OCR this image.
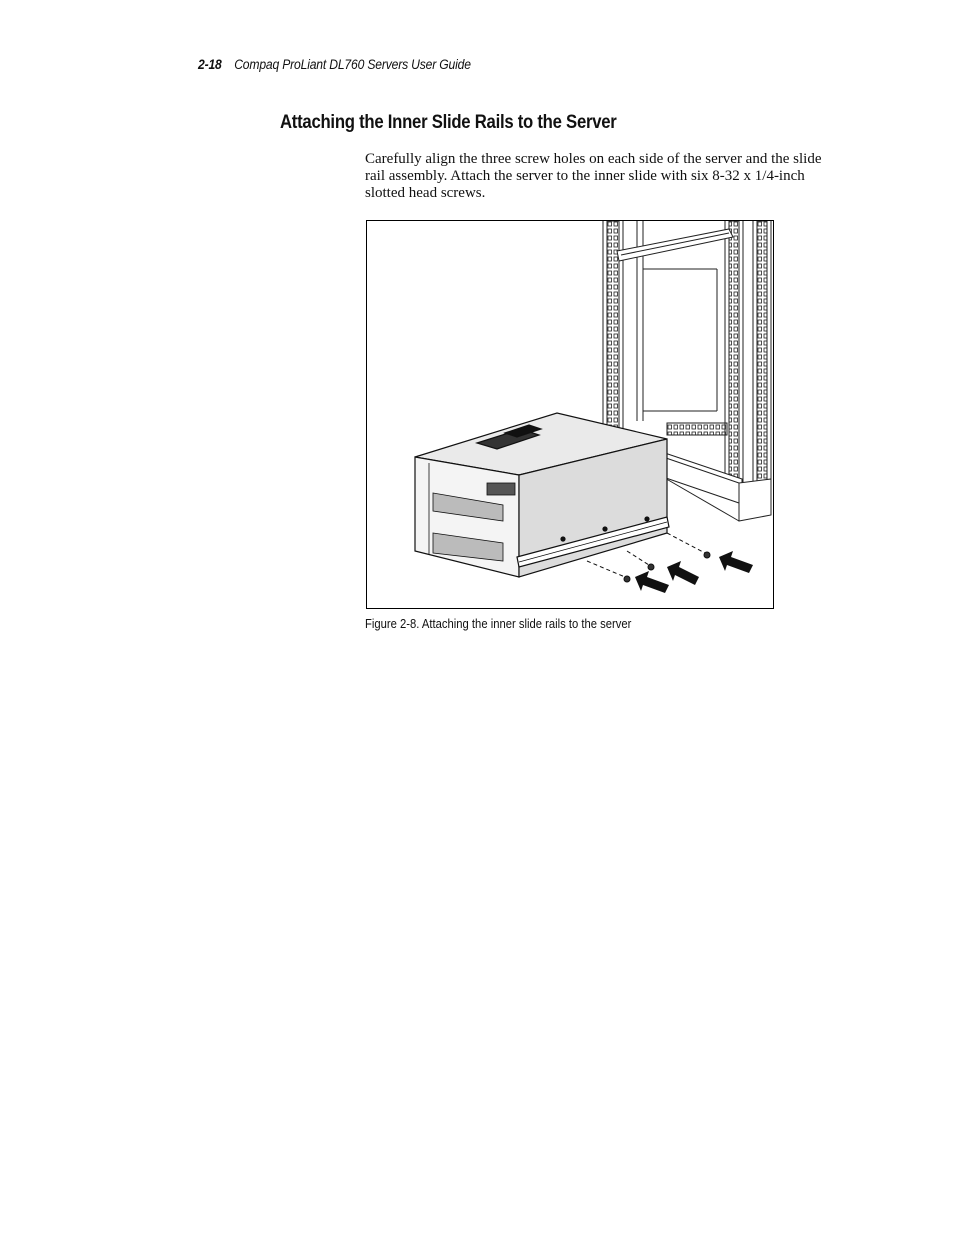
2-18 Compaq ProLiant DL760 Servers User Guide
Attaching the Inner Slide Rails to the Server

Carefully align the three screw holes on each side of the server and the slide rail assembly. Attach the server to the inner slide with six 8-32 x 1/4-inch slotted head screws.

Figure 2-8. Attaching the inner slide rails to the server
